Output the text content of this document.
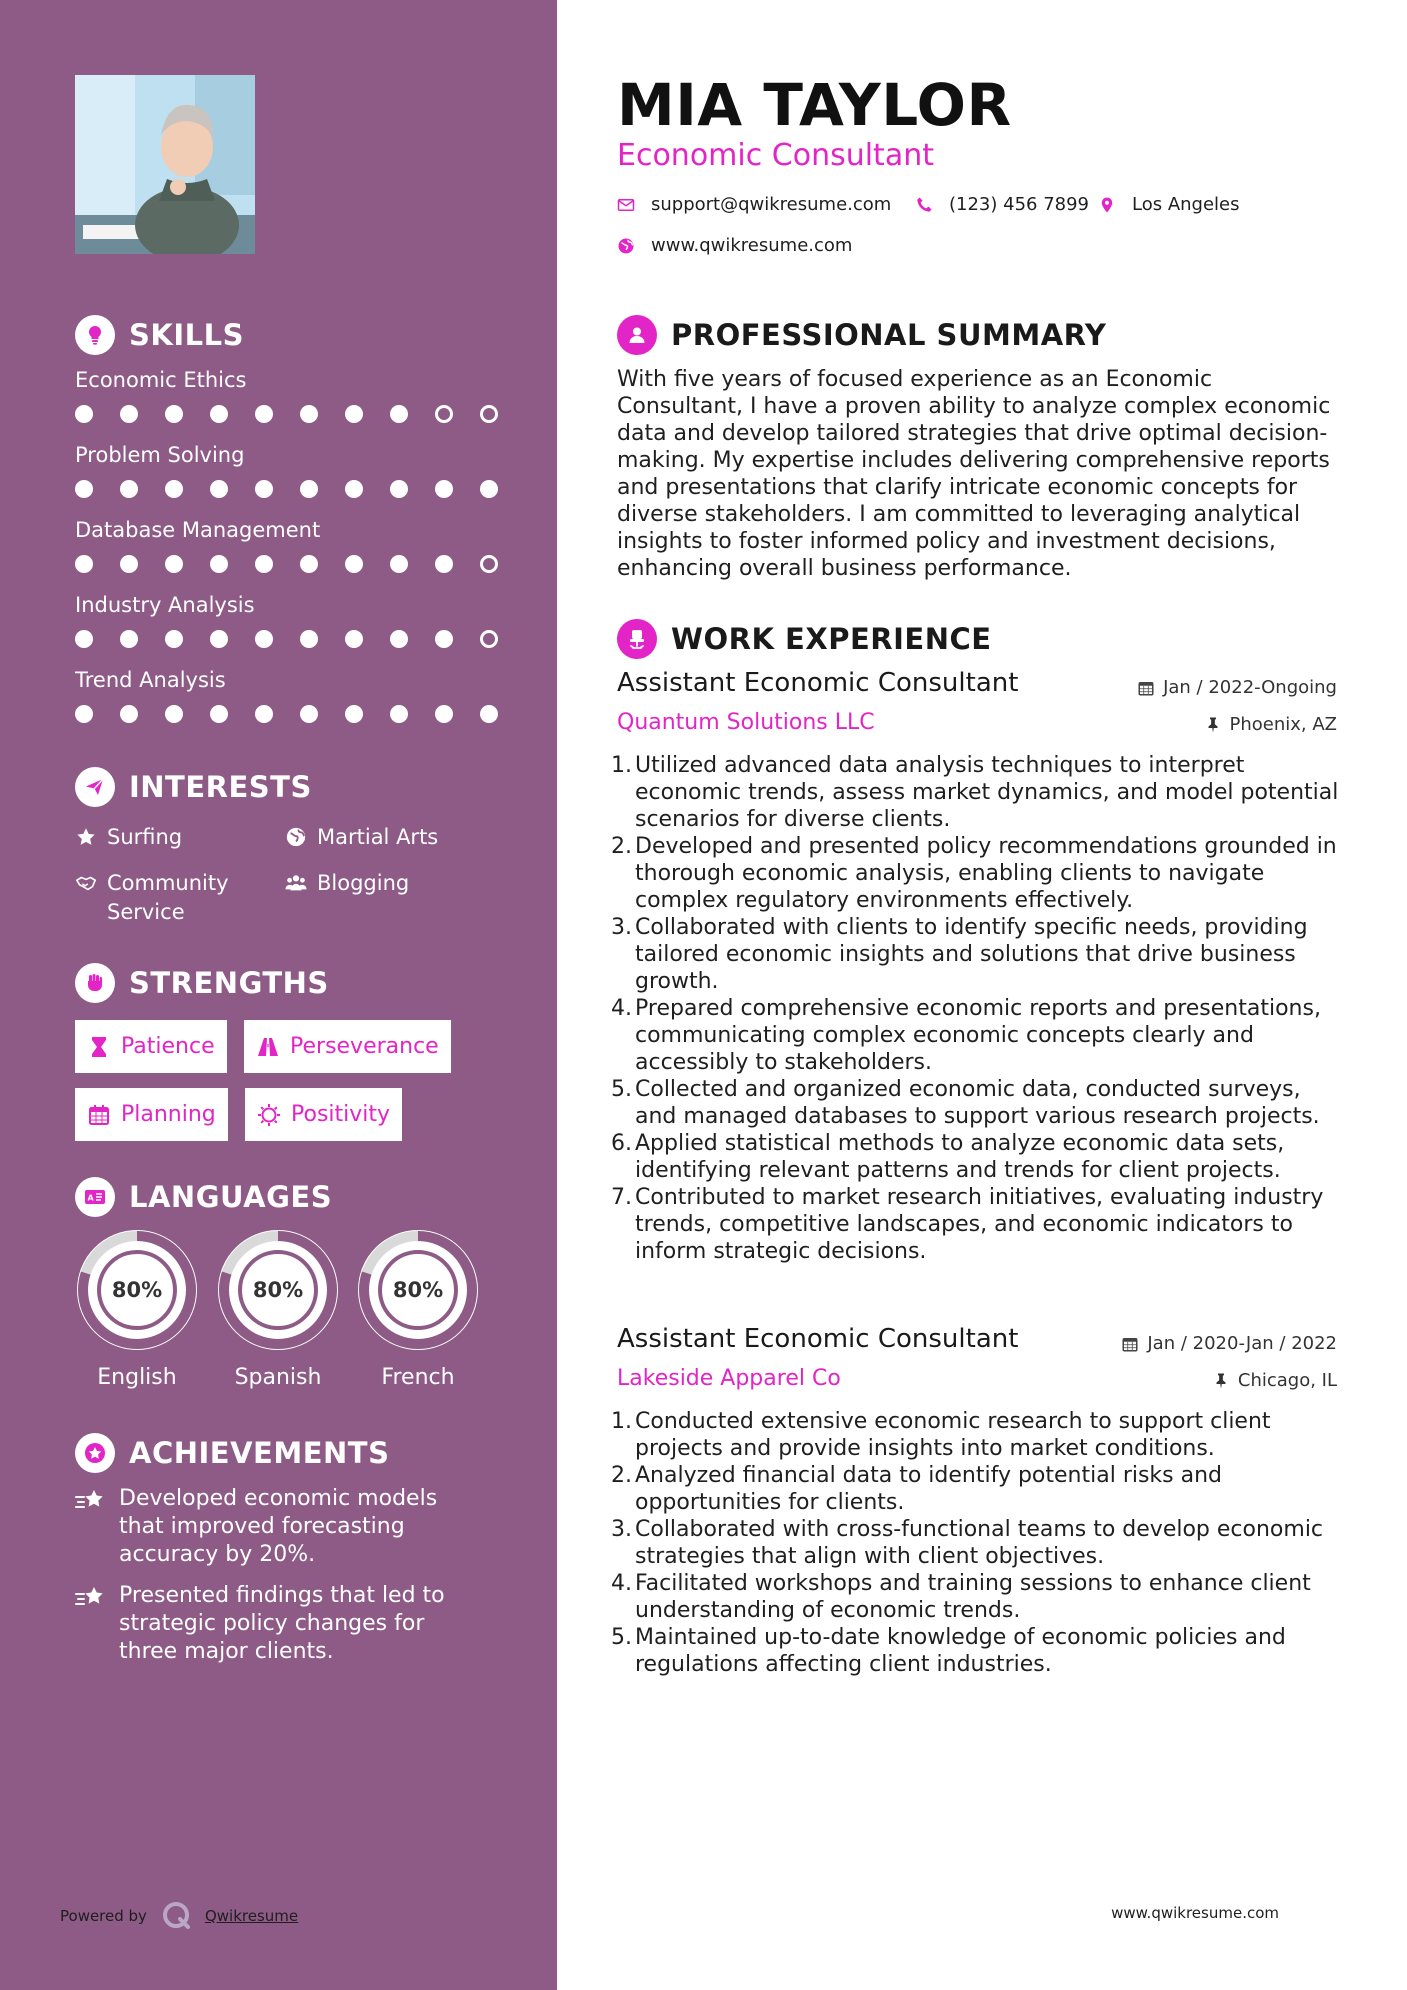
SKILLS
Economic Ethics
Problem Solving
Database Management
Industry Analysis
Trend Analysis
INTERESTS
Surfing	Martial Arts
Community Service
Blogging
STRENGTHS
Patience	Perseverance
Planning	Positivity
A LANGUAGES
80%
English
80%
Spanish
80%
French
ACHIEVEMENTS
Developed economic models that improved forecasting accuracy by 20%.
Presented findings that led to strategic policy changes for three major clients.
Powered by	Qwikresume
MIA TAYLOR
Economic Consultant
support@qwikresume.com	(123) 456 7899 Los Angeles
www.qwikresume.com
PROFESSIONAL SUMMARY
With five years of focused experience as an Economic Consultant, I have a proven ability to analyze complex economic data and develop tailored strategies that drive optimal decision-making. My expertise includes delivering comprehensive reports and presentations that clarify intricate economic concepts for diverse stakeholders. I am committed to leveraging analytical insights to foster informed policy and investment decisions, enhancing overall business performance.
WORK EXPERIENCE
Assistant Economic Consultant	Jan / 2022-Ongoing
Quantum Solutions LLC	Phoenix, AZ
1. Utilized advanced data analysis techniques to interpret economic trends, assess market dynamics, and model potential scenarios for diverse clients.
2. Developed and presented policy recommendations grounded in thorough economic analysis, enabling clients to navigate complex regulatory environments effectively.
3. Collaborated with clients to identify specific needs, providing tailored economic insights and solutions that drive business growth.
4. Prepared comprehensive economic reports and presentations, communicating complex economic concepts clearly and accessibly to stakeholders.
5. Collected and organized economic data, conducted surveys, and managed databases to support various research projects.
6. Applied statistical methods to analyze economic data sets, identifying relevant patterns and trends for client projects.
7. Contributed to market research initiatives, evaluating industry trends, competitive landscapes, and economic indicators to inform strategic decisions.
Assistant Economic Consultant	Jan / 2020-Jan / 2022
Lakeside Apparel Co	Chicago, IL
1. Conducted extensive economic research to support client projects and provide insights into market conditions.
2. Analyzed financial data to identify potential risks and opportunities for clients.
3. Collaborated with cross-functional teams to develop economic strategies that align with client objectives.
4. Facilitated workshops and training sessions to enhance client understanding of economic trends.
5. Maintained up-to-date knowledge of economic policies and regulations affecting client industries.
www.qwikresume.com
